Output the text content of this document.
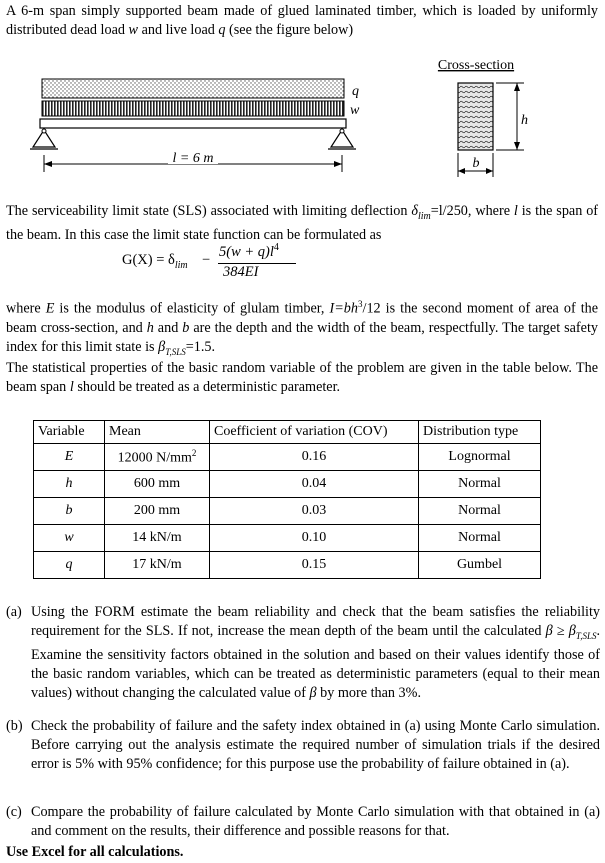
A 6-m span simply supported beam made of glued laminated timber, which is loaded by uniformly distributed dead load w and live load q (see the figure below)

l = 6 m
q
w
Cross-section
h
b

The serviceability limit state (SLS) associated with limiting deflection $\delta_{lim}=l/250$, where l is the span of the beam. In this case the limit state function can be formulated as

$G(X) = \delta_{lim}$ −
$5(w + q)l^4$
384EI

where E is the modulus of elasticity of glulam timber, $I=bh^3/12$ is the second moment of area of the beam cross-section, and h and b are the depth and the width of the beam, respectfully. The target safety index for this limit state is $\beta_{T,SLS}=1.5$.

The statistical properties of the basic random variable of the problem are given in the table below. The beam span l should be treated as a deterministic parameter.

Variable	Mean	Coefficient of variation (COV)	Distribution type
E	12000 $N/mm^2$	0.16	Lognormal
h	600 mm	0.04	Normal
b	200 mm	0.03	Normal
w	14 kN/m	0.10	Normal
q	17 kN/m	0.15	Gumbel
(a) Using the FORM estimate the beam reliability and check that the beam satisfies the reliability requirement for the SLS. If not, increase the mean depth of the beam until the calculated $\beta \ge \beta_{T,SLS}$. Examine the sensitivity factors obtained in the solution and based on their values identify those of the basic random variables, which can be treated as deterministic parameters (equal to their mean values) without changing the calculated value of β by more than 3%.
(b) Check the probability of failure and the safety index obtained in (a) using Monte Carlo simulation. Before carrying out the analysis estimate the required number of simulation trials if the desired error is 5% with 95% confidence; for this purpose use the probability of failure obtained in (a).
(c) Compare the probability of failure calculated by Monte Carlo simulation with that obtained in (a) and comment on the results, their difference and possible reasons for that.
Use Excel for all calculations.
